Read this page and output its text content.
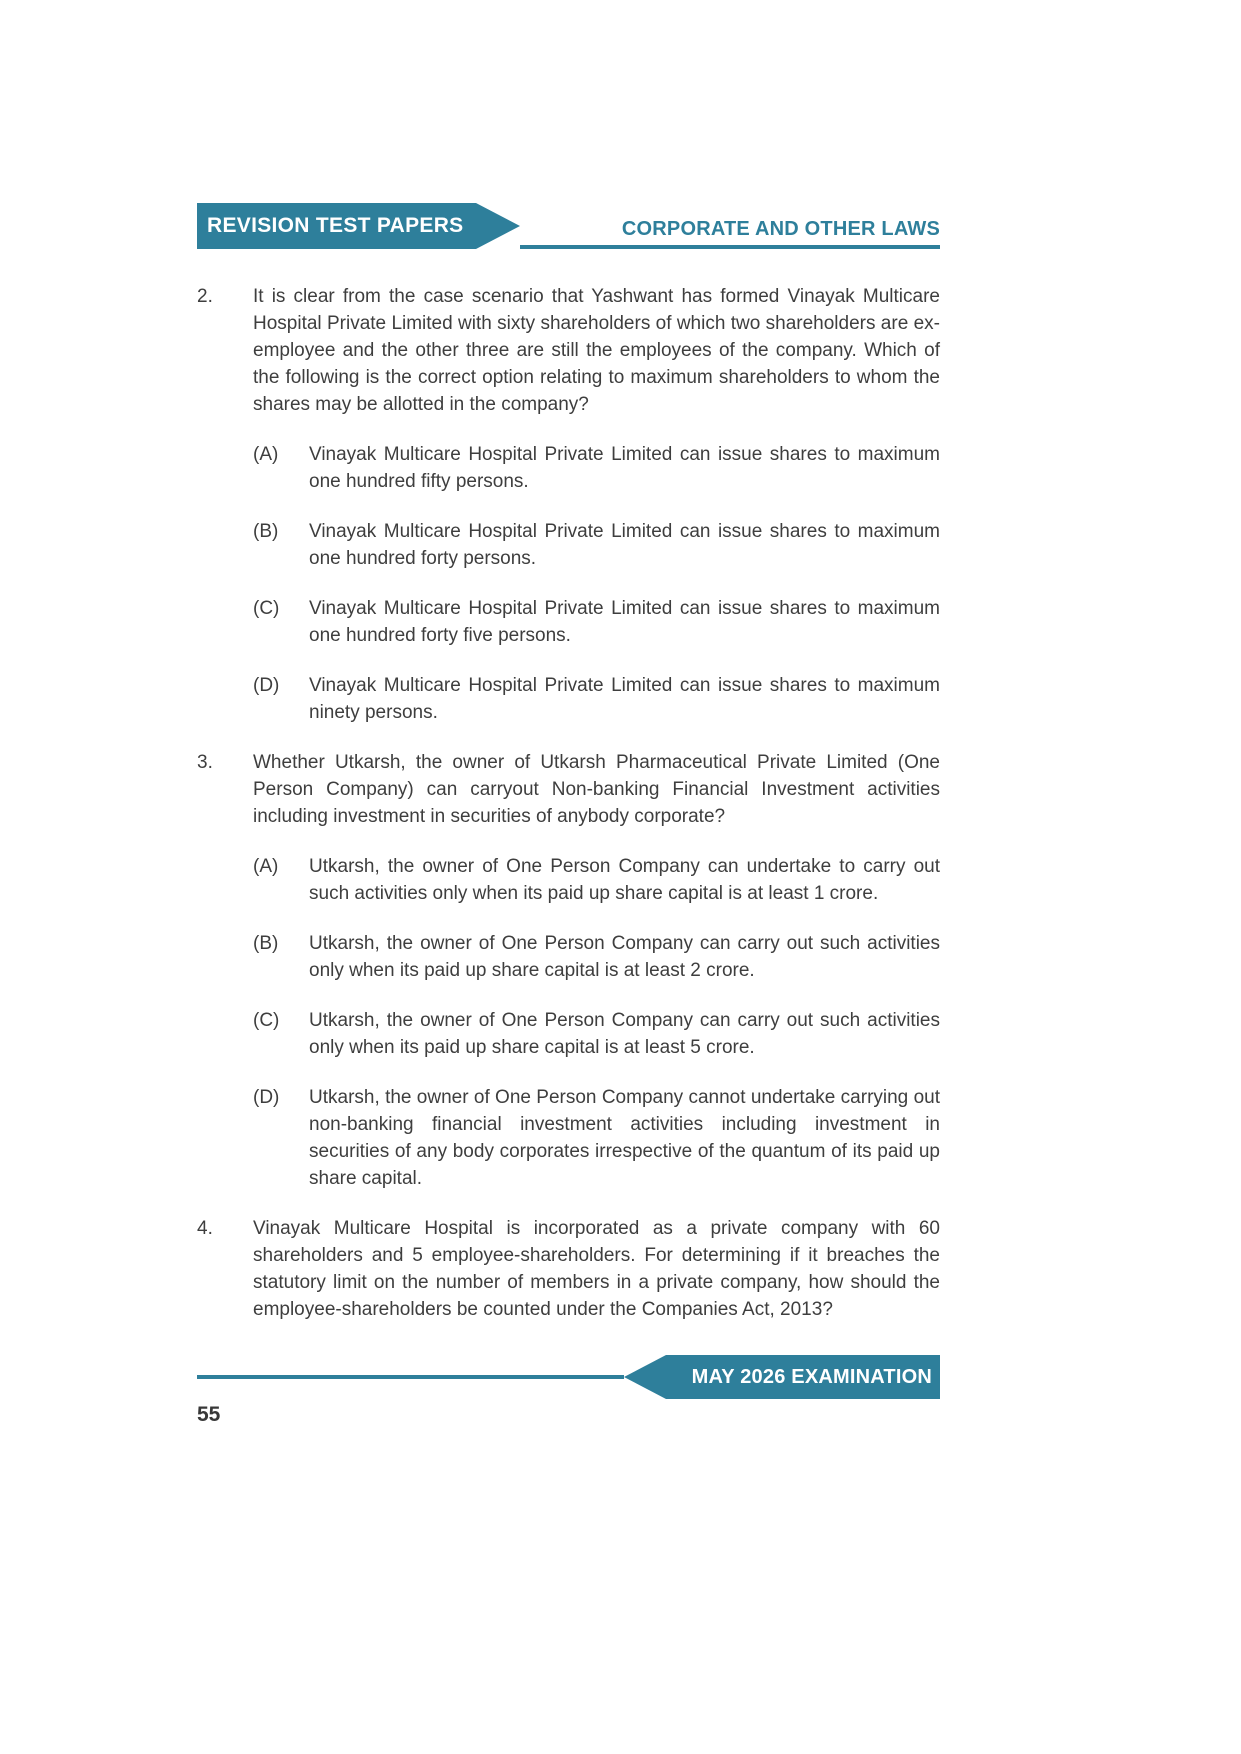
REVISION TEST PAPERS	CORPORATE AND OTHER LAWS
2.	It is clear from the case scenario that Yashwant has formed Vinayak Multicare Hospital Private Limited with sixty shareholders of which two shareholders are ex-employee and the other three are still the employees of the company. Which of the following is the correct option relating to maximum shareholders to whom the shares may be allotted in the company?
(A)	Vinayak Multicare Hospital Private Limited can issue shares to maximum one hundred fifty persons.
(B)	Vinayak Multicare Hospital Private Limited can issue shares to maximum one hundred forty persons.
(C)	Vinayak Multicare Hospital Private Limited can issue shares to maximum one hundred forty five persons.
(D)	Vinayak Multicare Hospital Private Limited can issue shares to maximum ninety persons.
3.	Whether Utkarsh, the owner of Utkarsh Pharmaceutical Private Limited (One Person Company) can carryout Non-banking Financial Investment activities including investment in securities of anybody corporate?
(A)	Utkarsh, the owner of One Person Company can undertake to carry out such activities only when its paid up share capital is at least 1 crore.
(B)	Utkarsh, the owner of One Person Company can carry out such activities only when its paid up share capital is at least 2 crore.
(C)	Utkarsh, the owner of One Person Company can carry out such activities only when its paid up share capital is at least 5 crore.
(D)	Utkarsh, the owner of One Person Company cannot undertake carrying out non-banking financial investment activities including investment in securities of any body corporates irrespective of the quantum of its paid up share capital.
4.	Vinayak Multicare Hospital is incorporated as a private company with 60 shareholders and 5 employee-shareholders. For determining if it breaches the statutory limit on the number of members in a private company, how should the employee-shareholders be counted under the Companies Act, 2013?
MAY 2026 EXAMINATION
55
